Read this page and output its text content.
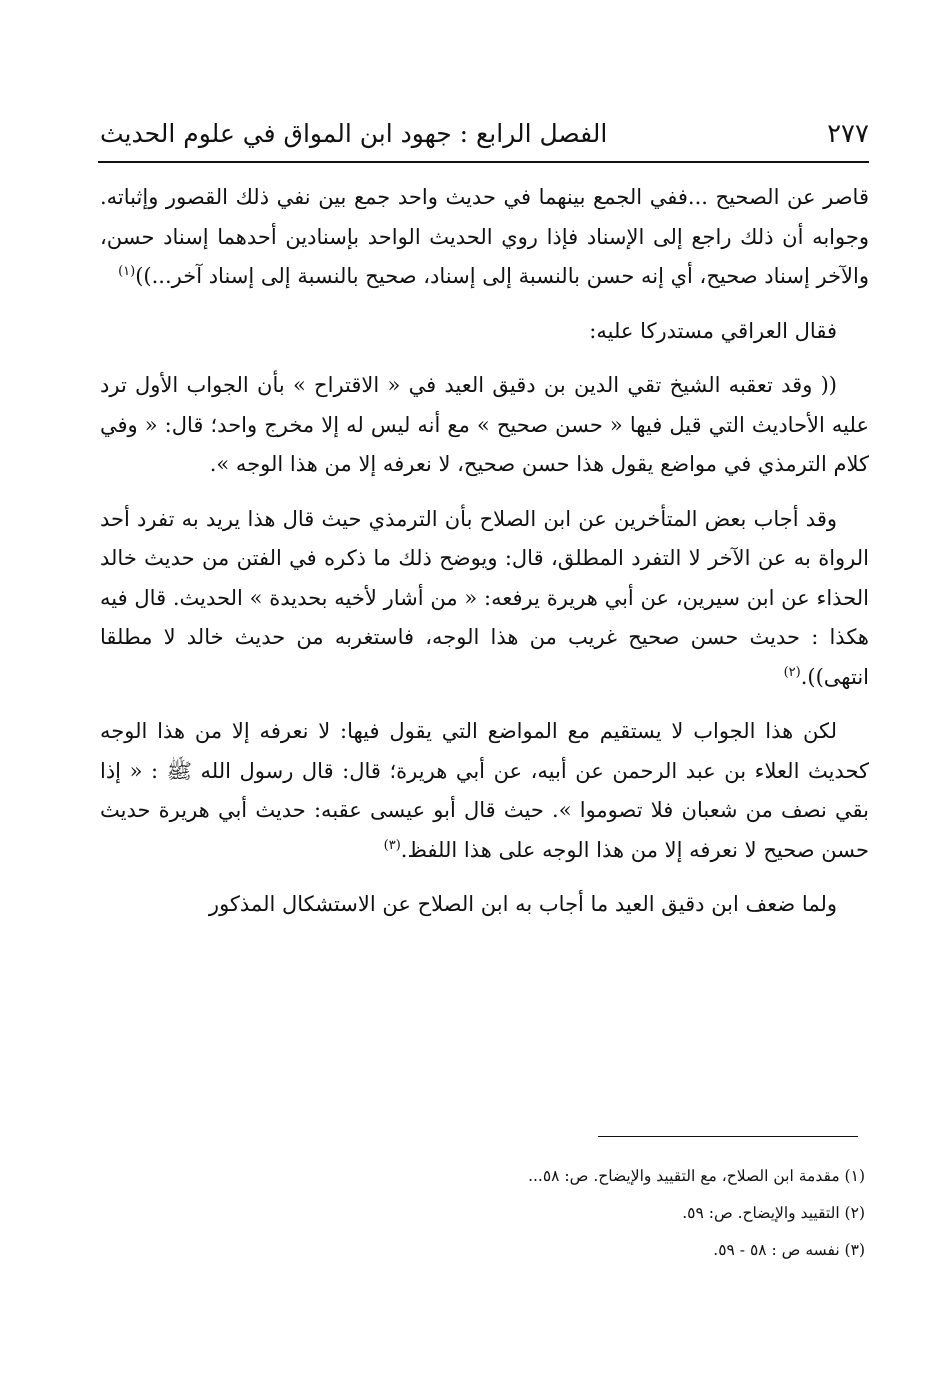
الفصل الرابع : جهود ابن المواق في علوم الحديث	٢٧٧

قاصر عن الصحيح ...ففي الجمع بينهما في حديث واحد جمع بين نفي ذلك القصور وإثباته. وجوابه أن ذلك راجع إلى الإسناد فإذا روي الحديث الواحد بإسنادين أحدهما إسناد حسن، والآخر إسناد صحيح، أي إنه حسن بالنسبة إلى إسناد، صحيح بالنسبة إلى إسناد آخر...))$^{(١)}$

فقال العراقي مستدركا عليه:

(( وقد تعقبه الشيخ تقي الدين بن دقيق العيد في « الاقتراح » بأن الجواب الأول ترد عليه الأحاديث التي قيل فيها « حسن صحيح » مع أنه ليس له إلا مخرج واحد؛ قال: « وفي كلام الترمذي في مواضع يقول هذا حسن صحيح، لا نعرفه إلا من هذا الوجه ».

وقد أجاب بعض المتأخرين عن ابن الصلاح بأن الترمذي حيث قال هذا يريد به تفرد أحد الرواة به عن الآخر لا التفرد المطلق، قال: ويوضح ذلك ما ذكره في الفتن من حديث خالد الحذاء عن ابن سيرين، عن أبي هريرة يرفعه: « من أشار لأخيه بحديدة » الحديث. قال فيه هكذا : حديث حسن صحيح غريب من هذا الوجه، فاستغربه من حديث خالد لا مطلقا انتهى)).$^{(٢)}$

لكن هذا الجواب لا يستقيم مع المواضع التي يقول فيها: لا نعرفه إلا من هذا الوجه كحديث العلاء بن عبد الرحمن عن أبيه، عن أبي هريرة؛ قال: قال رسول الله ﷺ : « إذا بقي نصف من شعبان فلا تصوموا ». حيث قال أبو عيسى عقبه: حديث أبي هريرة حديث حسن صحيح لا نعرفه إلا من هذا الوجه على هذا اللفظ.$^{(٣)}$

ولما ضعف ابن دقيق العيد ما أجاب به ابن الصلاح عن الاستشكال المذكور

(١) مقدمة ابن الصلاح، مع التقييد والإيضاح. ص: ٥٨...

(٢) التقييد والإيضاح. ص: ٥٩.

(٣) نفسه ص : ٥٨ - ٥٩.
